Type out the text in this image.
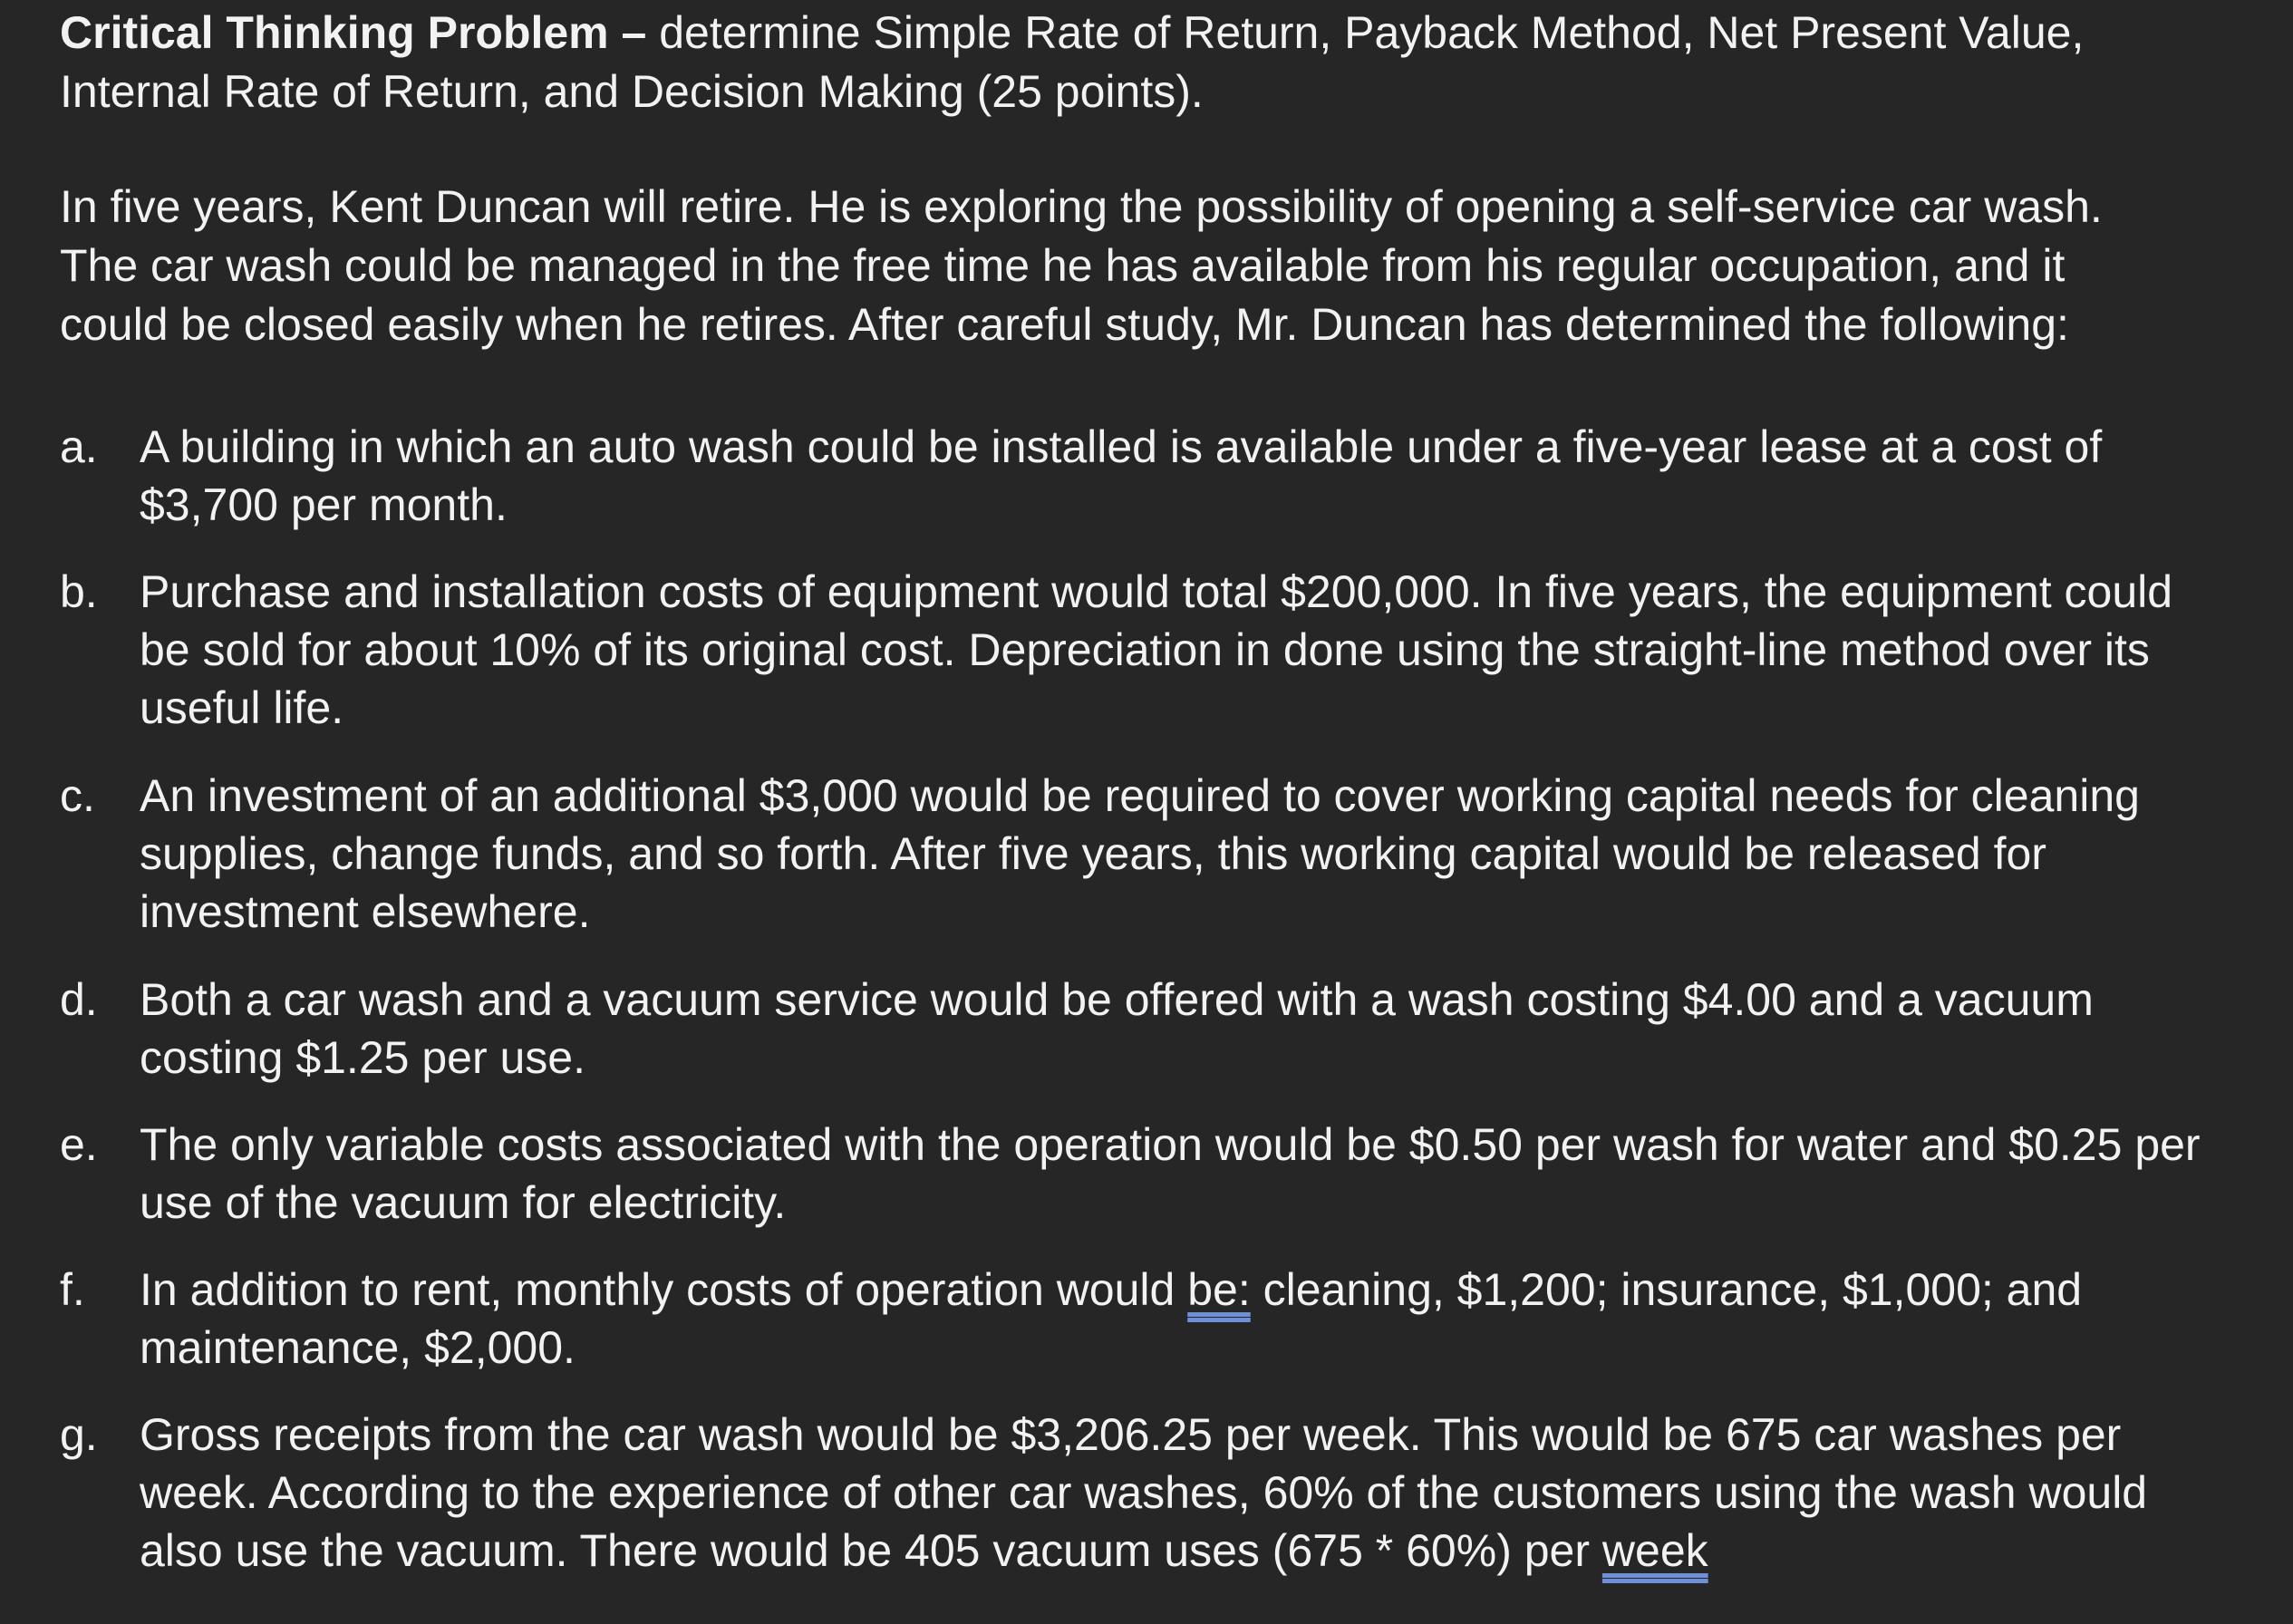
Critical Thinking Problem – determine Simple Rate of Return, Payback Method, Net Present Value, Internal Rate of Return, and Decision Making (25 points).
In five years, Kent Duncan will retire. He is exploring the possibility of opening a self-service car wash. The car wash could be managed in the free time he has available from his regular occupation, and it could be closed easily when he retires. After careful study, Mr. Duncan has determined the following:
a. A building in which an auto wash could be installed is available under a five-year lease at a cost of $3,700 per month.
b. Purchase and installation costs of equipment would total $200,000. In five years, the equipment could be sold for about 10% of its original cost. Depreciation in done using the straight-line method over its useful life.
c. An investment of an additional $3,000 would be required to cover working capital needs for cleaning supplies, change funds, and so forth. After five years, this working capital would be released for investment elsewhere.
d. Both a car wash and a vacuum service would be offered with a wash costing $4.00 and a vacuum costing $1.25 per use.
e. The only variable costs associated with the operation would be $0.50 per wash for water and $0.25 per use of the vacuum for electricity.
f.	In addition to rent, monthly costs of operation would be: cleaning, $1,200; insurance, $1,000; and maintenance, $2,000.
g. Gross receipts from the car wash would be $3,206.25 per week. This would be 675 car washes per week. According to the experience of other car washes, 60% of the customers using the wash would also use the vacuum. There would be 405 vacuum uses (675 * 60%) per week
